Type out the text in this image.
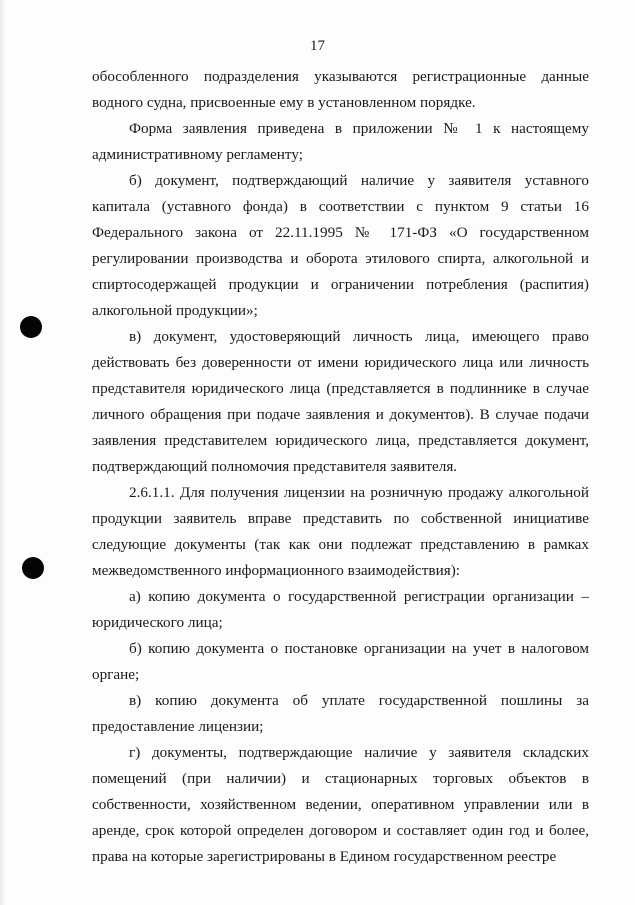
17

обособленного подразделения указываются регистрационные данные водного судна, присвоенные ему в установленном порядке.

Форма заявления приведена в приложении № 1 к настоящему административному регламенту;

б) документ, подтверждающий наличие у заявителя уставного капитала (уставного фонда) в соответствии с пунктом 9 статьи 16 Федерального закона от 22.11.1995 № 171-ФЗ «О государственном регулировании производства и оборота этилового спирта, алкогольной и спиртосодержащей продукции и ограничении потребления (распития) алкогольной продукции»;

в) документ, удостоверяющий личность лица, имеющего право действовать без доверенности от имени юридического лица или личность представителя юридического лица (представляется в подлиннике в случае личного обращения при подаче заявления и документов). В случае подачи заявления представителем юридического лица, представляется документ, подтверждающий полномочия представителя заявителя.

2.6.1.1. Для получения лицензии на розничную продажу алкогольной продукции заявитель вправе представить по собственной инициативе следующие документы (так как они подлежат представлению в рамках межведомственного информационного взаимодействия):

а) копию документа о государственной регистрации организации – юридического лица;

б) копию документа о постановке организации на учет в налоговом органе;

в) копию документа об уплате государственной пошлины за предоставление лицензии;

г) документы, подтверждающие наличие у заявителя складских помещений (при наличии) и стационарных торговых объектов в собственности, хозяйственном ведении, оперативном управлении или в аренде, срок которой определен договором и составляет один год и более, права на которые зарегистрированы в Едином государственном реестре
